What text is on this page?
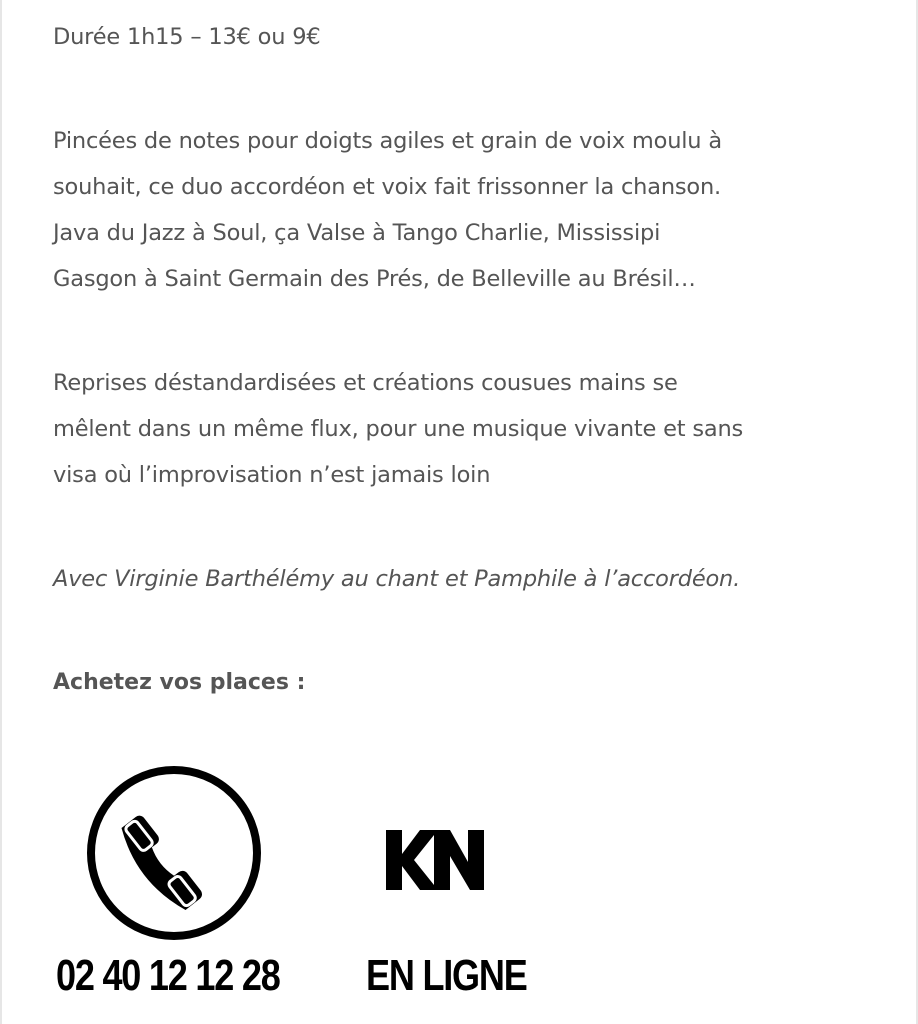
Durée 1h15 – 13€ ou 9€

Pincées de notes pour doigts agiles et grain de voix moulu à

souhait, ce duo accordéon et voix fait frissonner la chanson.

Java du Jazz à Soul, ça Valse à Tango Charlie, Mississipi

Gasgon à Saint Germain des Prés, de Belleville au Brésil…

Reprises déstandardisées et créations cousues mains se

mêlent dans un même flux, pour une musique vivante et sans

visa où l’improvisation n’est jamais loin

Avec Virginie Barthélémy au chant et Pamphile à l’accordéon.

Achetez vos places :

02 40 12 12 28 EN LIGNE
